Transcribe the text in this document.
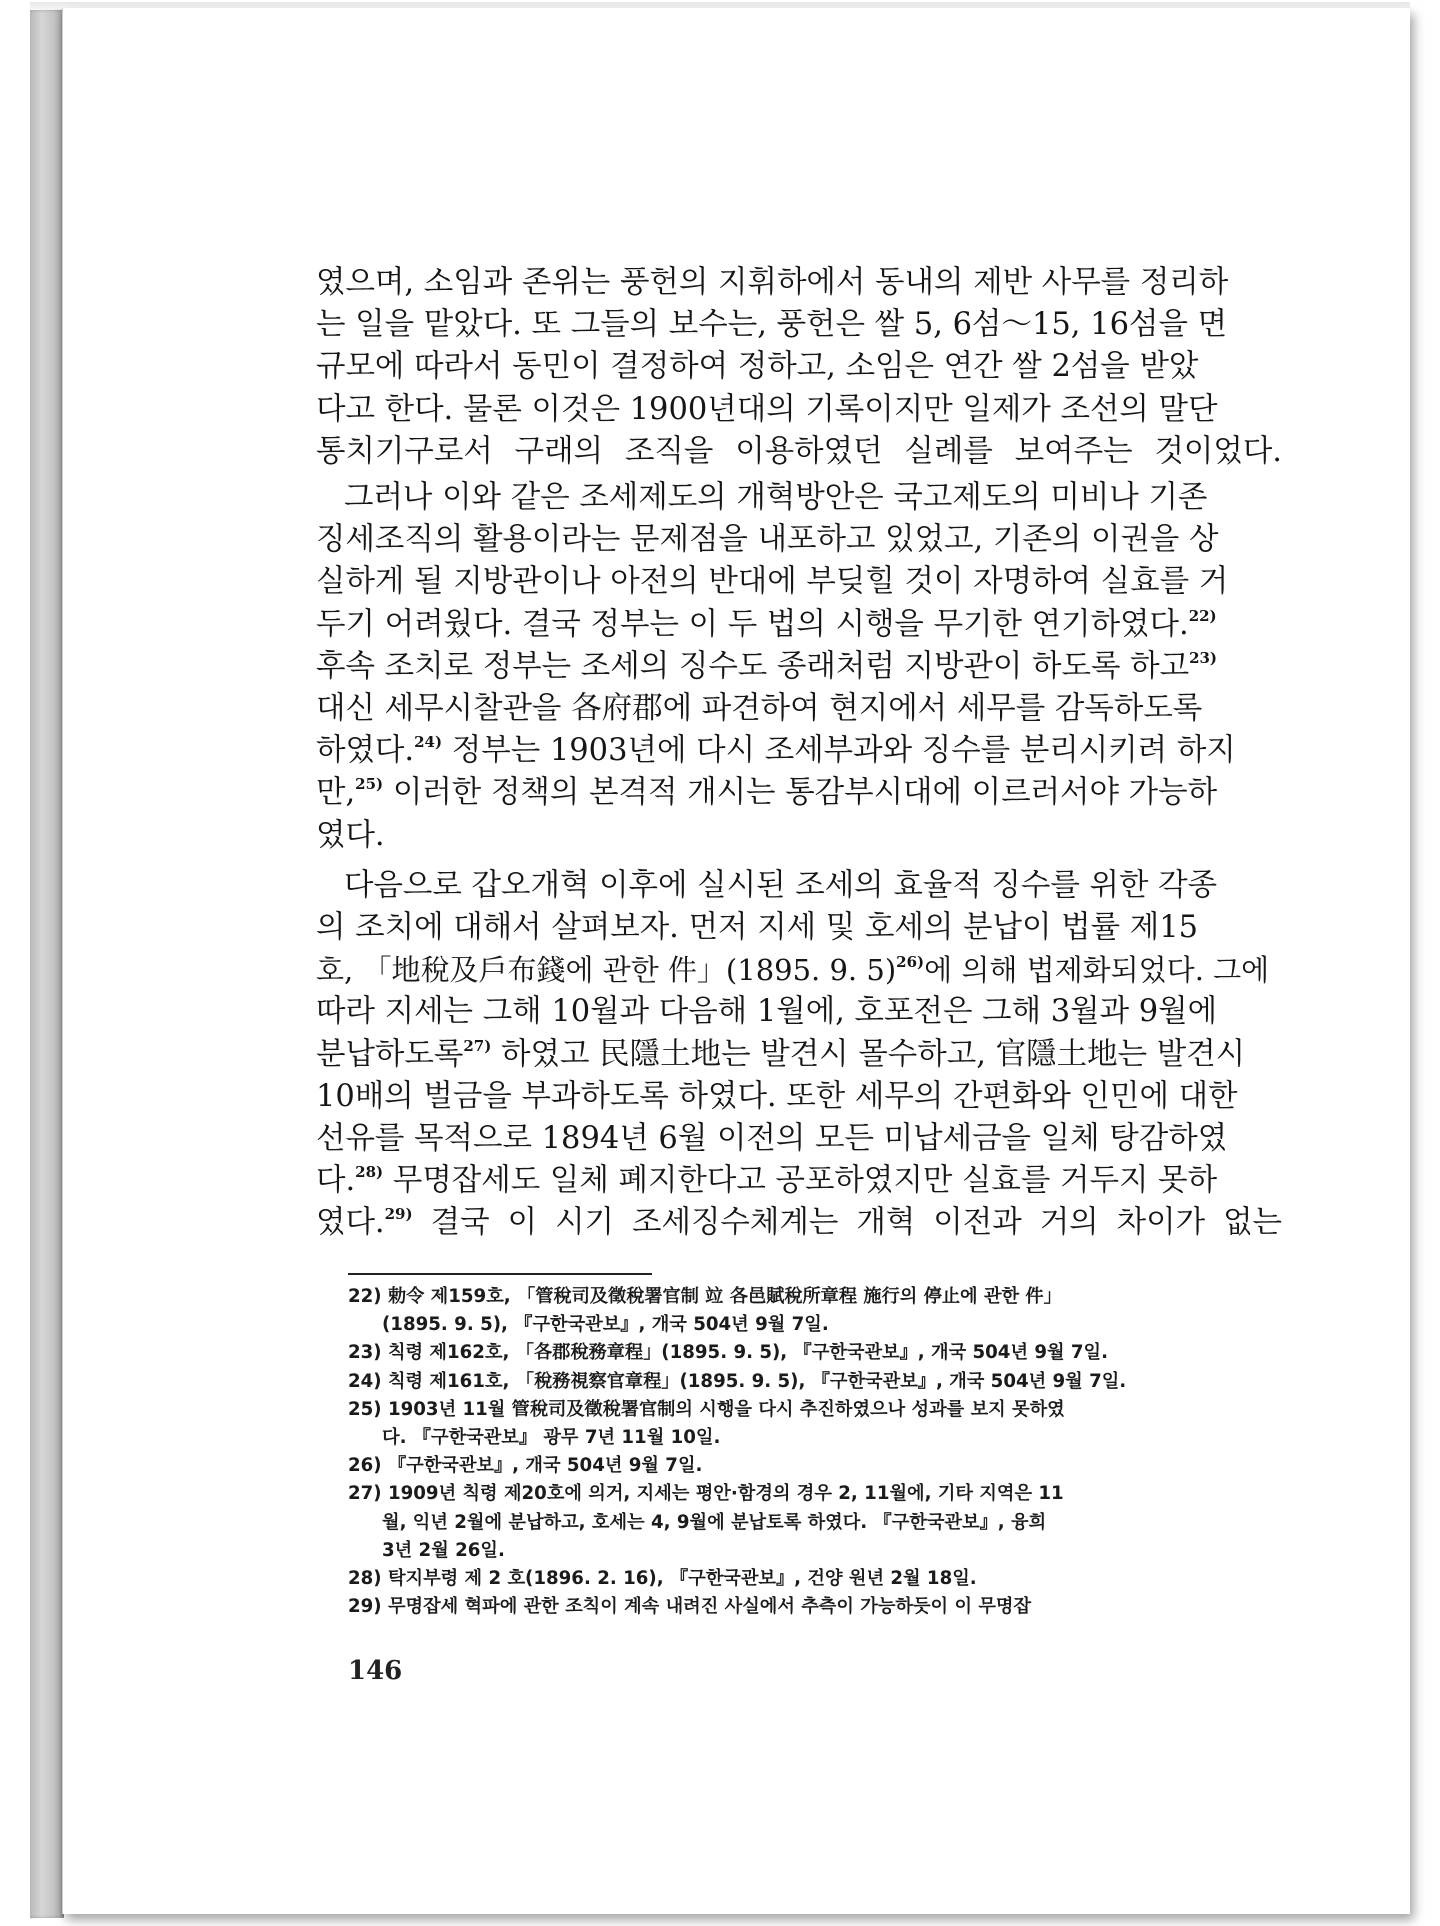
였으며, 소임과 존위는 풍헌의 지휘하에서 동내의 제반 사무를 정리하
는 일을 맡았다. 또 그들의 보수는, 풍헌은 쌀 5, 6섬～15, 16섬을 면
규모에 따라서 동민이 결정하여 정하고, 소임은 연간 쌀 2섬을 받았
다고 한다. 물론 이것은 1900년대의 기록이지만 일제가 조선의 말단
통치기구로서 구래의 조직을 이용하였던 실례를 보여주는 것이었다.

그러나 이와 같은 조세제도의 개혁방안은 국고제도의 미비나 기존
징세조직의 활용이라는 문제점을 내포하고 있었고, 기존의 이권을 상
실하게 될 지방관이나 아전의 반대에 부딪힐 것이 자명하여 실효를 거
두기 어려웠다. 결국 정부는 이 두 법의 시행을 무기한 연기하였다.$^{22)}$
후속 조치로 정부는 조세의 징수도 종래처럼 지방관이 하도록 하고$^{23)}$
대신 세무시찰관을 各府郡에 파견하여 현지에서 세무를 감독하도록
하였다.$^{24)}$ 정부는 1903년에 다시 조세부과와 징수를 분리시키려 하지
만,$^{25)}$ 이러한 정책의 본격적 개시는 통감부시대에 이르러서야 가능하
였다.

다음으로 갑오개혁 이후에 실시된 조세의 효율적 징수를 위한 각종
의 조치에 대해서 살펴보자. 먼저 지세 및 호세의 분납이 법률 제15
호, 「地稅及戶布錢에 관한 件」(1895. 9. 5)$^{26)}$에 의해 법제화되었다. 그에
따라 지세는 그해 10월과 다음해 1월에, 호포전은 그해 3월과 9월에
분납하도록$^{27)}$ 하였고 民隱土地는 발견시 몰수하고, 官隱土地는 발견시
10배의 벌금을 부과하도록 하였다. 또한 세무의 간편화와 인민에 대한
선유를 목적으로 1894년 6월 이전의 모든 미납세금을 일체 탕감하였
다.$^{28)}$ 무명잡세도 일체 폐지한다고 공포하였지만 실효를 거두지 못하
였다.$^{29)}$ 결국 이 시기 조세징수체계는 개혁 이전과 거의 차이가 없는

22) 勅令 제159호, 「管稅司及徵稅署官制 竝 各邑賦稅所章程 施行의 停止에 관한 件」
(1895. 9. 5), 『구한국관보』, 개국 504년 9월 7일.
23) 칙령 제162호, 「各郡稅務章程」(1895. 9. 5), 『구한국관보』, 개국 504년 9월 7일.
24) 칙령 제161호, 「稅務視察官章程」(1895. 9. 5), 『구한국관보』, 개국 504년 9월 7일.
25) 1903년 11월 管稅司及徵稅署官制의 시행을 다시 추진하였으나 성과를 보지 못하였
다. 『구한국관보』 광무 7년 11월 10일.
26) 『구한국관보』, 개국 504년 9월 7일.
27) 1909년 칙령 제20호에 의거, 지세는 평안·함경의 경우 2, 11월에, 기타 지역은 11
월, 익년 2월에 분납하고, 호세는 4, 9월에 분납토록 하였다. 『구한국관보』, 융희
3년 2월 26일.
28) 탁지부령 제 2 호(1896. 2. 16), 『구한국관보』, 건양 원년 2월 18일.
29) 무명잡세 혁파에 관한 조칙이 계속 내려진 사실에서 추측이 가능하듯이 이 무명잡
146
